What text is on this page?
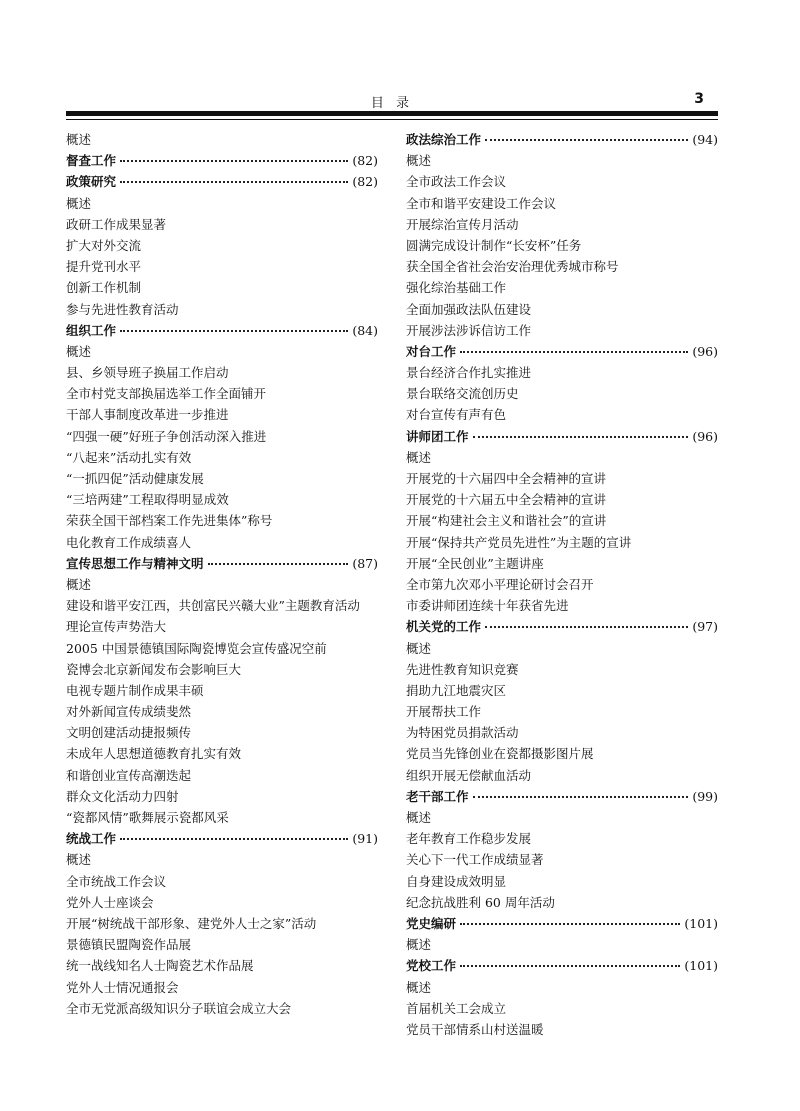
目 录	3
概述
督查工作	(82)
政策研究	(82)
概述
政研工作成果显著
扩大对外交流
提升党刊水平
创新工作机制
参与先进性教育活动
组织工作	(84)
概述
县、乡领导班子换届工作启动
全市村党支部换届选举工作全面铺开
干部人事制度改革进一步推进
“四强一硬”好班子争创活动深入推进
“八起来”活动扎实有效
“一抓四促”活动健康发展
“三培两建”工程取得明显成效
荣获全国干部档案工作先进集体”称号
电化教育工作成绩喜人
宣传思想工作与精神文明	(87)
概述
建设和谐平安江西，共创富民兴赣大业”主题教育活动
理论宣传声势浩大
2005 中国景德镇国际陶瓷博览会宣传盛况空前
瓷博会北京新闻发布会影响巨大
电视专题片制作成果丰硕
对外新闻宣传成绩斐然
文明创建活动捷报频传
未成年人思想道德教育扎实有效
和谐创业宣传高潮迭起
群众文化活动力四射
“瓷都风情”歌舞展示瓷都风采
统战工作	(91)
概述
全市统战工作会议
党外人士座谈会
开展“树统战干部形象、建党外人士之家”活动
景德镇民盟陶瓷作品展
统一战线知名人士陶瓷艺术作品展
党外人士情况通报会
全市无党派高级知识分子联谊会成立大会
政法综治工作	(94)
概述
全市政法工作会议
全市和谐平安建设工作会议
开展综治宣传月活动
圆满完成设计制作“长安杯”任务
获全国全省社会治安治理优秀城市称号
强化综治基础工作
全面加强政法队伍建设
开展涉法涉诉信访工作
对台工作	(96)
景台经济合作扎实推进
景台联络交流创历史
对台宣传有声有色
讲师团工作	(96)
概述
开展党的十六届四中全会精神的宣讲
开展党的十六届五中全会精神的宣讲
开展“构建社会主义和谐社会”的宣讲
开展“保持共产党员先进性”为主题的宣讲
开展“全民创业”主题讲座
全市第九次邓小平理论研讨会召开
市委讲师团连续十年获省先进
机关党的工作	(97)
概述
先进性教育知识竞赛
捐助九江地震灾区
开展帮扶工作
为特困党员捐款活动
党员当先锋创业在瓷都摄影图片展
组织开展无偿献血活动
老干部工作	(99)
概述
老年教育工作稳步发展
关心下一代工作成绩显著
自身建设成效明显
纪念抗战胜利 60 周年活动
党史编研	(101)
概述
党校工作	(101)
概述
首届机关工会成立
党员干部情系山村送温暖
